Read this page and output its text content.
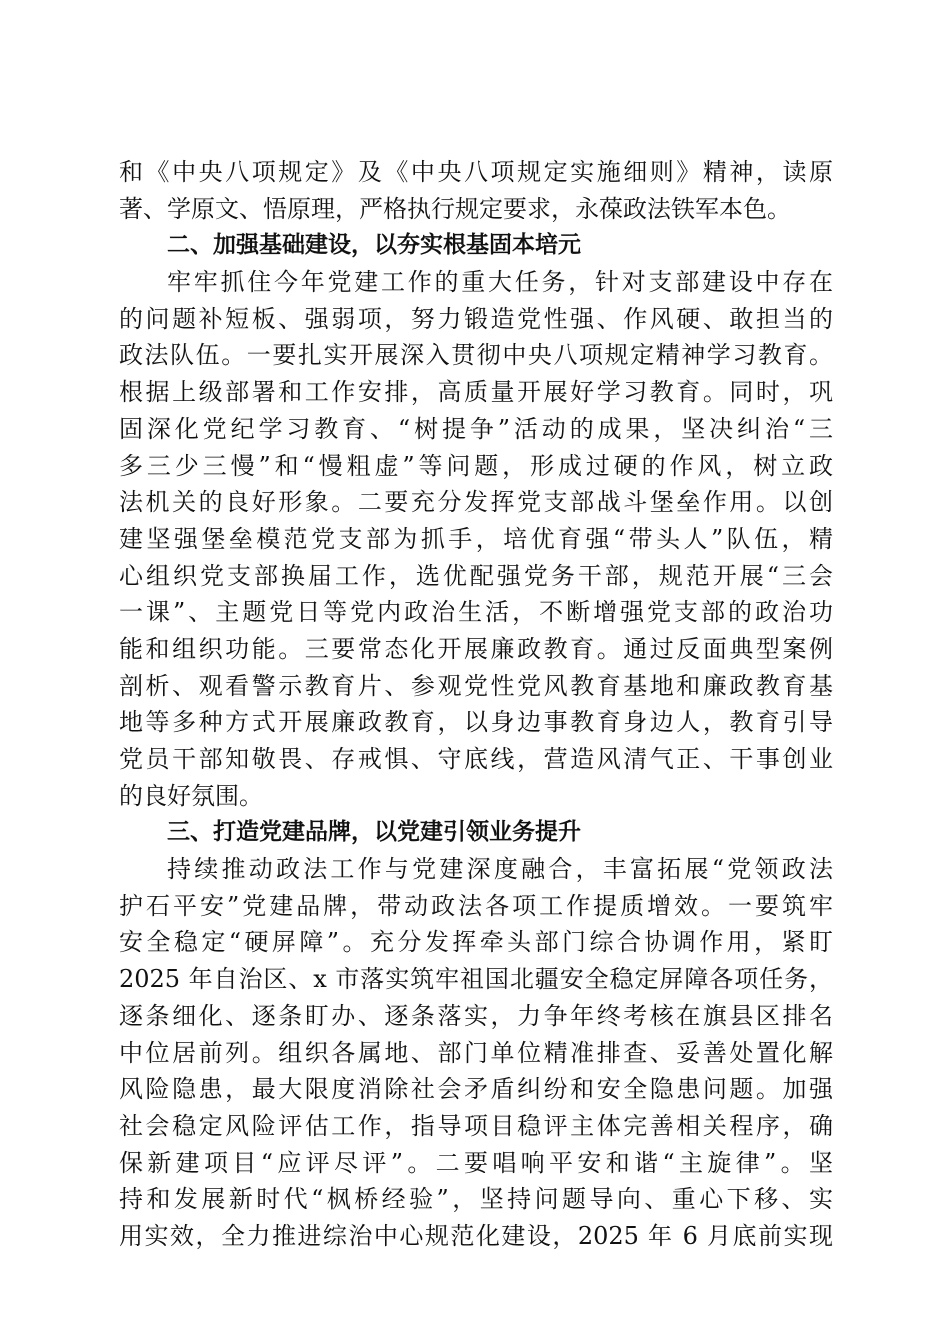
和《中央八项规定》及《中央八项规定实施细则》精神，读原
著、学原文、悟原理，严格执行规定要求，永葆政法铁军本色。
二、加强基础建设，以夯实根基固本培元
牢牢抓住今年党建工作的重大任务，针对支部建设中存在
的问题补短板、强弱项，努力锻造党性强、作风硬、敢担当的
政法队伍。一要扎实开展深入贯彻中央八项规定精神学习教育。
根据上级部署和工作安排，高质量开展好学习教育。同时，巩
固深化党纪学习教育、“树提争”活动的成果，坚决纠治“三
多三少三慢”和“慢粗虚”等问题，形成过硬的作风，树立政
法机关的良好形象。二要充分发挥党支部战斗堡垒作用。以创
建坚强堡垒模范党支部为抓手，培优育强“带头人”队伍，精
心组织党支部换届工作，选优配强党务干部，规范开展“三会
一课”、主题党日等党内政治生活，不断增强党支部的政治功
能和组织功能。三要常态化开展廉政教育。通过反面典型案例
剖析、观看警示教育片、参观党性党风教育基地和廉政教育基
地等多种方式开展廉政教育，以身边事教育身边人，教育引导
党员干部知敬畏、存戒惧、守底线，营造风清气正、干事创业
的良好氛围。
三、打造党建品牌，以党建引领业务提升
持续推动政法工作与党建深度融合，丰富拓展“党领政法
护石平安”党建品牌，带动政法各项工作提质增效。一要筑牢
安全稳定“硬屏障”。充分发挥牵头部门综合协调作用，紧盯
2025 年自治区、x 市落实筑牢祖国北疆安全稳定屏障各项任务，
逐条细化、逐条盯办、逐条落实，力争年终考核在旗县区排名
中位居前列。组织各属地、部门单位精准排查、妥善处置化解
风险隐患，最大限度消除社会矛盾纠纷和安全隐患问题。加强
社会稳定风险评估工作，指导项目稳评主体完善相关程序，确
保新建项目“应评尽评”。二要唱响平安和谐“主旋律”。坚
持和发展新时代“枫桥经验”，坚持问题导向、重心下移、实
用实效，全力推进综治中心规范化建设，2025 年 6 月底前实现
